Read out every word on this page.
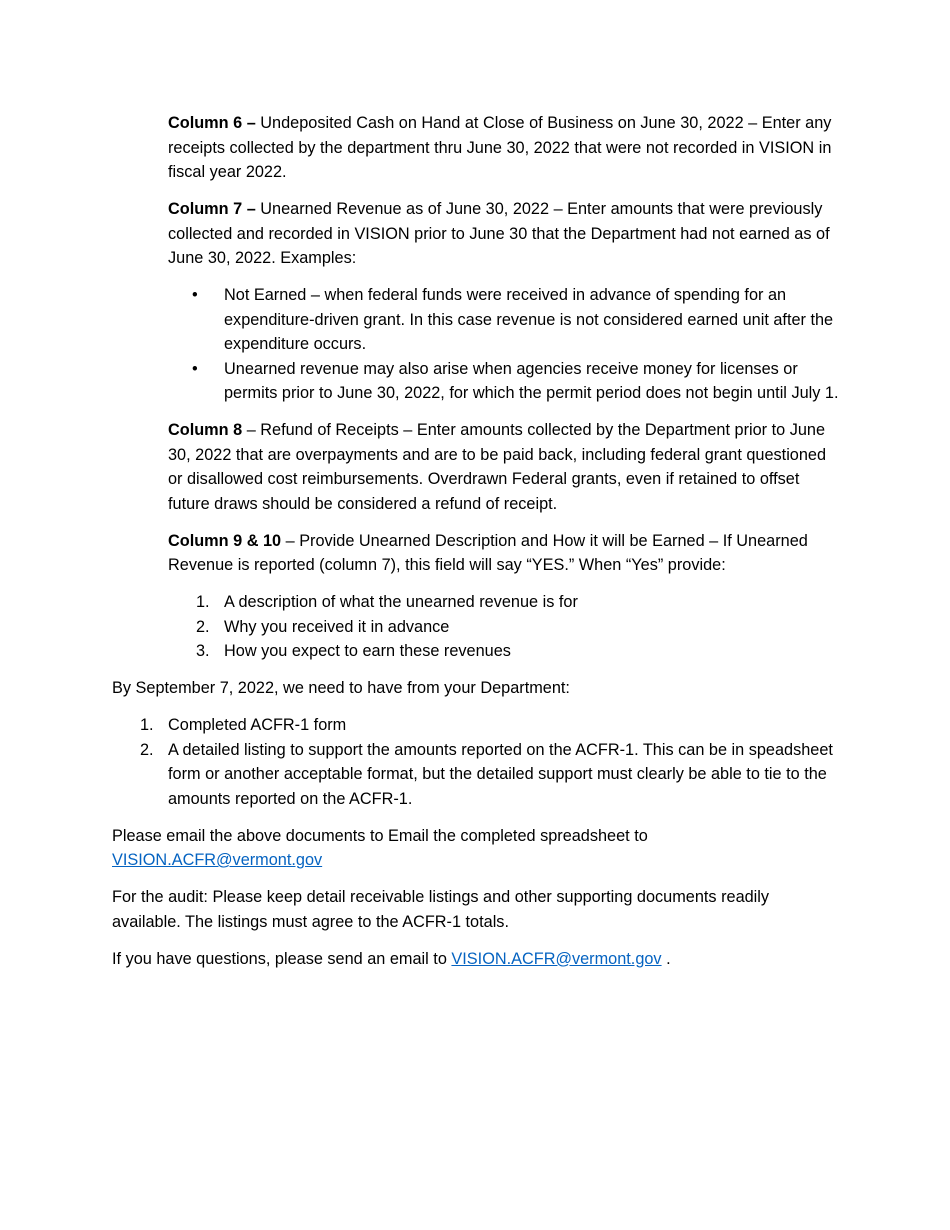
Column 6 – Undeposited Cash on Hand at Close of Business on June 30, 2022 – Enter any receipts collected by the department thru June 30, 2022 that were not recorded in VISION in fiscal year 2022.

Column 7 – Unearned Revenue as of June 30, 2022 – Enter amounts that were previously collected and recorded in VISION prior to June 30 that the Department had not earned as of June 30, 2022. Examples:

• Not Earned – when federal funds were received in advance of spending for an expenditure-driven grant. In this case revenue is not considered earned unit after the expenditure occurs.
• Unearned revenue may also arise when agencies receive money for licenses or permits prior to June 30, 2022, for which the permit period does not begin until July 1.

Column 8 – Refund of Receipts – Enter amounts collected by the Department prior to June 30, 2022 that are overpayments and are to be paid back, including federal grant questioned or disallowed cost reimbursements. Overdrawn Federal grants, even if retained to offset future draws should be considered a refund of receipt.

Column 9 & 10 – Provide Unearned Description and How it will be Earned – If Unearned Revenue is reported (column 7), this field will say “YES.” When “Yes” provide:

1. A description of what the unearned revenue is for
2. Why you received it in advance
3. How you expect to earn these revenues

By September 7, 2022, we need to have from your Department:

1. Completed ACFR-1 form
2. A detailed listing to support the amounts reported on the ACFR-1. This can be in speadsheet form or another acceptable format, but the detailed support must clearly be able to tie to the amounts reported on the ACFR-1.

Please email the above documents to Email the completed spreadsheet to
VISION.ACFR@vermont.gov

For the audit: Please keep detail receivable listings and other supporting documents readily available. The listings must agree to the ACFR-1 totals.

If you have questions, please send an email to VISION.ACFR@vermont.gov .
